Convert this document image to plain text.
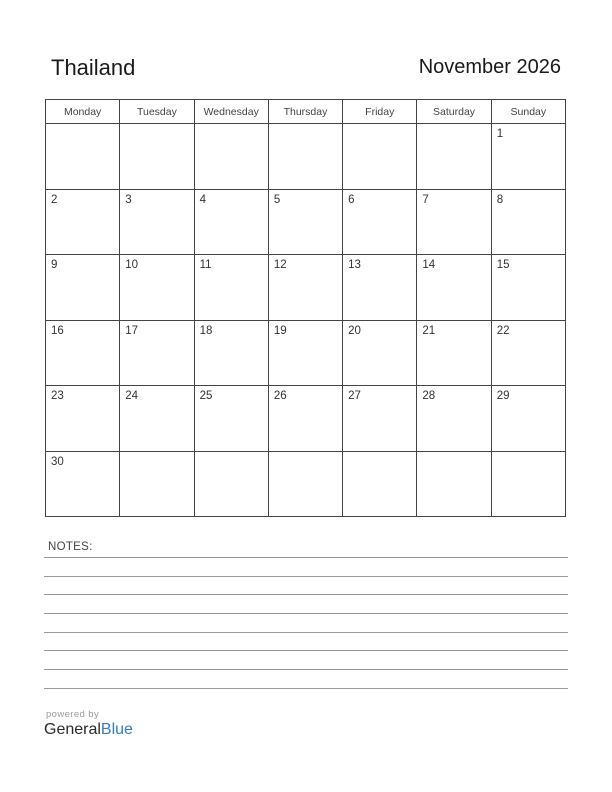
Thailand	November 2026
Monday	Tuesday	Wednesday	Thursday	Friday	Saturday	Sunday

						1

2	3	4	5	6	7	8

9	10	11	12	13	14	15

16	17	18	19	20	21	22

23	24	25	26	27	28	29

30						

NOTES:
powered by
GeneralBlue
